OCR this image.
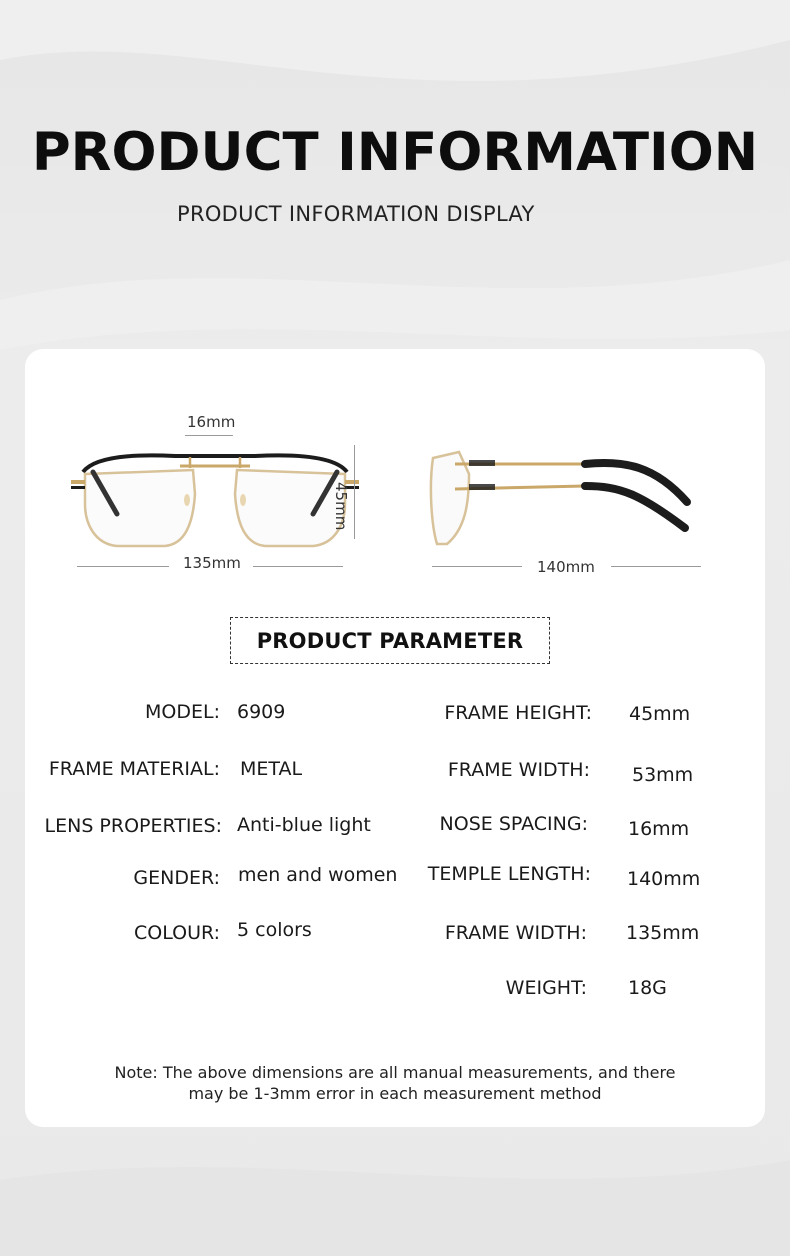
PRODUCT INFORMATION

PRODUCT INFORMATION DISPLAY

16mm
45mm
135mm	140mm
PRODUCT PARAMETER
MODEL: 6909
FRAME MATERIAL: METAL
LENS PROPERTIES: Anti-blue light
GENDER: men and women
COLOUR: 5 colors
FRAME HEIGHT: 45mm
FRAME WIDTH: 53mm
NOSE SPACING: 16mm
TEMPLE LENGTH: 140mm
FRAME WIDTH: 135mm
WEIGHT: 18G
Note: The above dimensions are all manual measurements, and there
may be 1-3mm error in each measurement method
